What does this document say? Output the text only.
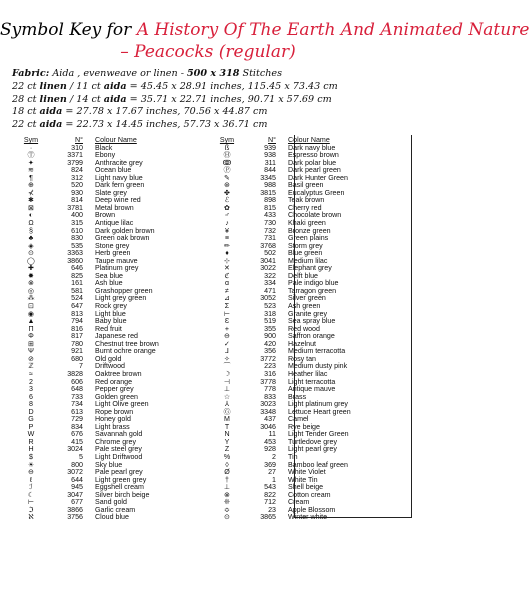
Symbol Key for A History Of The Earth And Animated Nature
– Peacocks (regular)
Fabric: Aida , evenweave or linen - 500 x 318 Stitches
22 ct linen / 11 ct aida = 45.45 x 28.91 inches, 115.45 x 73.43 cm
28 ct linen / 14 ct aida = 35.71 x 22.71 inches, 90.71 x 57.69 cm
18 ct aida = 27.78 x 17.67 inches, 70.56 x 44.87 cm
22 ct aida = 22.73 x 14.45 inches, 57.73 x 36.71 cm
Sym	N°	Colour Name
·	310	Black
Ⓣ	3371	Ebony
✦	3799	Anthracite grey
≋	824	Ocean blue
¶	312	Light navy blue
⊕	520	Dark fern green
⊀	930	Slate grey
✱	814	Deep wine red
⊠	3781	Metal brown
◐	400	Brown
Ω	315	Antique lilac
§	610	Dark golden brown
♣	830	Green oak brown
◈	535	Stone grey
⊙	3363	Herb green
◯	3860	Taupe mauve
✚	646	Platinum grey
✸	825	Sea blue
⊗	161	Ash blue
◎	581	Grashopper green
⁂	524	Light grey green
⊡	647	Rock grey
◉	813	Light blue
▲	794	Baby blue
Π	816	Red fruit
Φ	817	Japanese red
⊞	780	Chestnut tree brown
Ψ	921	Burnt ochre orange
⊘	680	Old gold
ℤ	7	Driftwood
≈	3828	Oaktree brown
2	606	Red orange
3	648	Pepper grey
6	733	Golden green
8	734	Light Olive green
D	613	Rope brown
G	729	Honey gold
P	834	Light brass
W	676	Savannah gold
R	415	Chrome grey
H	3024	Pale steel grey
$	5	Light Driftwood
☀	800	Sky blue
⊖	3072	Pale pearl grey
ℓ	644	Light green grey
ℐ	945	Eggshell cream
☾	3047	Silver birch beige
⊢	677	Sand gold
ℑ	3866	Garlic cream
ℵ	3756	Cloud blue
Sym	N°	Colour Name
ß	939	Dark navy blue
Ⓗ	938	Espresso brown
ↂ	311	Dark polar blue
Ⓟ	844	Dark pearl green
✎	3345	Dark Hunter Green
⊛	988	Basil green
✤	3815	Eucalyptus Green
ℰ	898	Teak brown
✿	815	Cherry red
♂	433	Chocolate brown
♪	730	Khaki green
¥	732	Bronze green
≡	731	Green plains
✏	3768	Storm grey
♦	502	Blue green
⊹	3041	Medium lilac
✕	3022	Elephant grey
ℭ	322	Delft blue
ɑ	334	Pale indigo blue
≠	471	Tarragon green
⊿	3052	Silver green
Σ	523	Ash green
⊢	318	Granite grey
Ɛ	519	Sea spray blue
+	355	Red wood
⊖	900	Saffron orange
✓	420	Hazelnut
⅃	356	Medium terracotta
✧	3772	Rosy tan
⌒	223	Medium dusty pink
☽	316	Heather lilac
⊣	3778	Light terracotta
⊥	778	Antique mauve
☆	833	Brass
⅄	3023	Light platinum grey
Ⓖ	3348	Lettuce Heart green
M	437	Camel
T	3046	Rye beige
N	11	Light Tender Green
Y	453	Turtledove grey
Z	928	Light pearl grey
%	2	Tin
◊	369	Bamboo leaf green
Ø	27	White Violet
†	1	White Tin
⊥	543	Shell beige
⊗	822	Cotton cream
❊	712	Cream
≎	23	Apple Blossom
⊙	3865	Winter white
